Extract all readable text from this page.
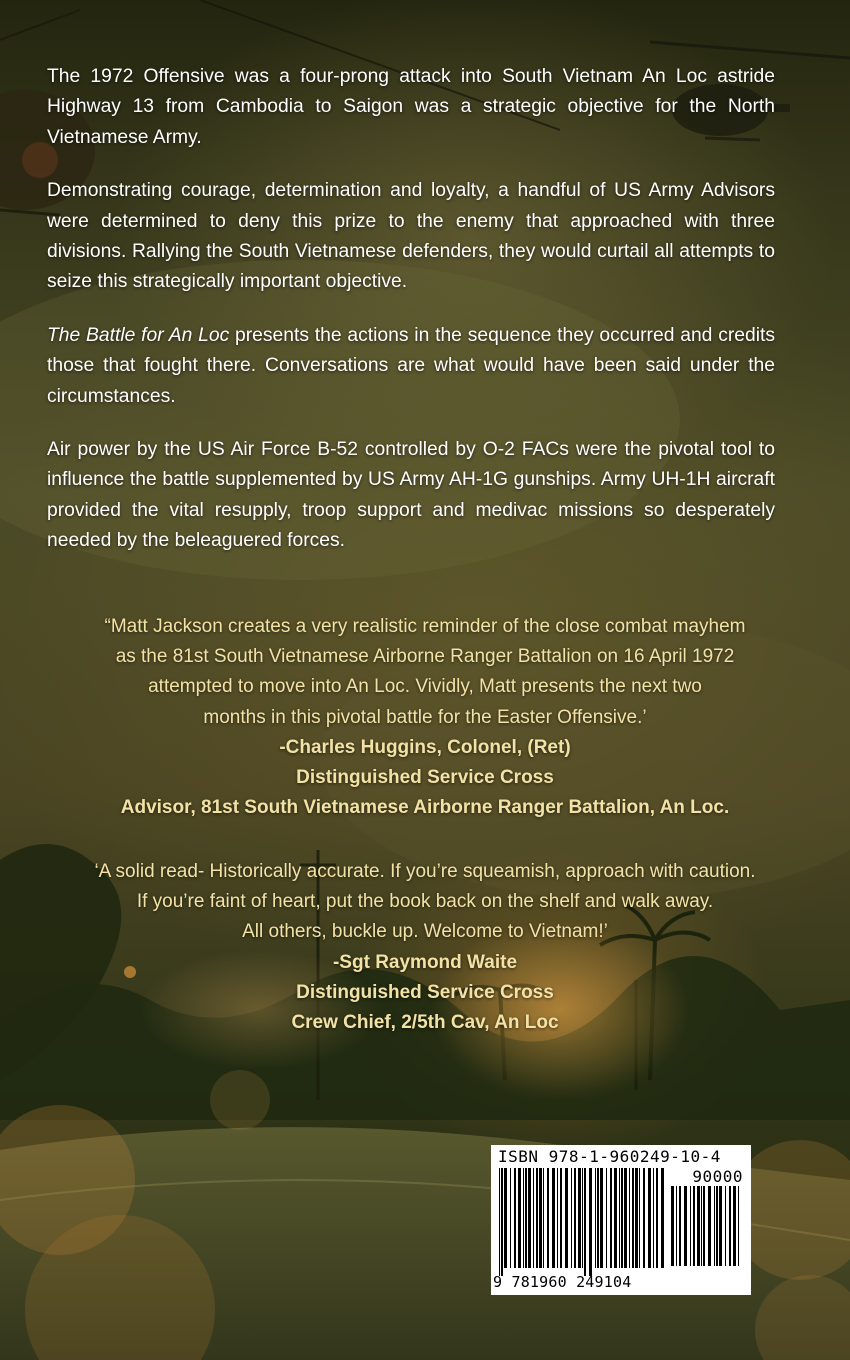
The 1972 Offensive was a four-prong attack into South Vietnam An Loc astride Highway 13 from Cambodia to Saigon was a strategic objective for the North Vietnamese Army.

Demonstrating courage, determination and loyalty, a handful of US Army Advisors were determined to deny this prize to the enemy that approached with three divisions. Rallying the South Vietnamese defenders, they would curtail all attempts to seize this strategically important objective.

The Battle for An Loc presents the actions in the sequence they occurred and credits those that fought there. Conversations are what would have been said under the circumstances.

Air power by the US Air Force B-52 controlled by O-2 FACs were the pivotal tool to influence the battle supplemented by US Army AH-1G gunships. Army UH-1H aircraft provided the vital resupply, troop support and medivac missions so desperately needed by the beleaguered forces.

“Matt Jackson creates a very realistic reminder of the close combat mayhem
as the 81st South Vietnamese Airborne Ranger Battalion on 16 April 1972
attempted to move into An Loc. Vividly, Matt presents the next two
months in this pivotal battle for the Easter Offensive.’
-Charles Huggins, Colonel, (Ret)
Distinguished Service Cross
Advisor, 81st South Vietnamese Airborne Ranger Battalion, An Loc.
‘A solid read- Historically accurate. If you’re squeamish, approach with caution.
If you’re faint of heart, put the book back on the shelf and walk away.
All others, buckle up. Welcome to Vietnam!’
-Sgt Raymond Waite
Distinguished Service Cross
Crew Chief, 2/5th Cav, An Loc
ISBN 978-1-960249-10-4
90000
9 781960 249104
